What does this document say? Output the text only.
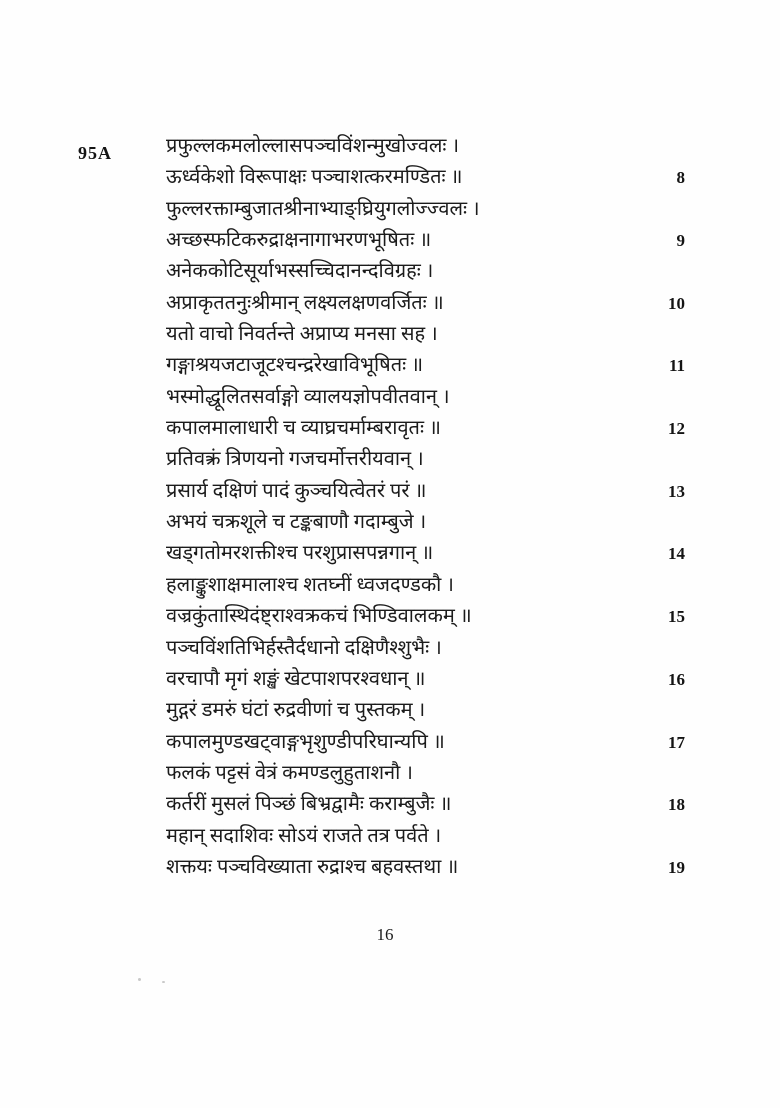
95A	प्रफुल्लकमलोल्लासपञ्चविंशन्मुखोज्वलः ।
ऊर्ध्वकेशो विरूपाक्षः पञ्चाशत्करमण्डितः ॥	8
फुल्लरक्ताम्बुजातश्रीनाभ्याङ्घ्रियुगलोज्ज्वलः ।
अच्छस्फटिकरुद्राक्षनागाभरणभूषितः ॥	9
अनेककोटिसूर्याभस्सच्चिदानन्दविग्रहः ।
अप्राकृततनुःश्रीमान् लक्ष्यलक्षणवर्जितः ॥	10
यतो वाचो निवर्तन्ते अप्राप्य मनसा सह ।
गङ्गाश्रयजटाजूटश्चन्द्ररेखाविभूषितः ॥	11
भस्मोद्धूलितसर्वाङ्गो व्यालयज्ञोपवीतवान् ।
कपालमालाधारी च व्याघ्रचर्माम्बरावृतः ॥	12
प्रतिवक्त्रं त्रिणयनो गजचर्मोत्तरीयवान् ।
प्रसार्य दक्षिणं पादं कुञ्चयित्वेतरं परं ॥	13
अभयं चक्रशूले च टङ्कबाणौ गदाम्बुजे ।
खड्गतोमरशक्तीश्च परशुप्रासपन्नगान् ॥	14
हलाङ्कुशाक्षमालाश्च शतघ्नीं ध्वजदण्डकौ ।
वज्रकुंतास्थिदंष्ट्राश्वक्रकचं भिण्डिवालकम् ॥	15
पञ्चविंशतिभिर्हस्तैर्दधानो दक्षिणैश्शुभैः ।
वरचापौ मृगं शङ्खं खेटपाशपरश्वधान् ॥	16
मुद्गरं डमरुं घंटां रुद्रवीणां च पुस्तकम् ।
कपालमुण्डखट्वाङ्गभृशुण्डीपरिघान्यपि ॥	17
फलकं पट्टसं वेत्रं कमण्डलुहुताशनौ ।
कर्तरीं मुसलं पिञ्छं बिभ्रद्वामैः कराम्बुजैः ॥	18
महान् सदाशिवः सोऽयं राजते तत्र पर्वते ।
शक्तयः पञ्चविख्याता रुद्राश्च बहवस्तथा ॥	19
16
